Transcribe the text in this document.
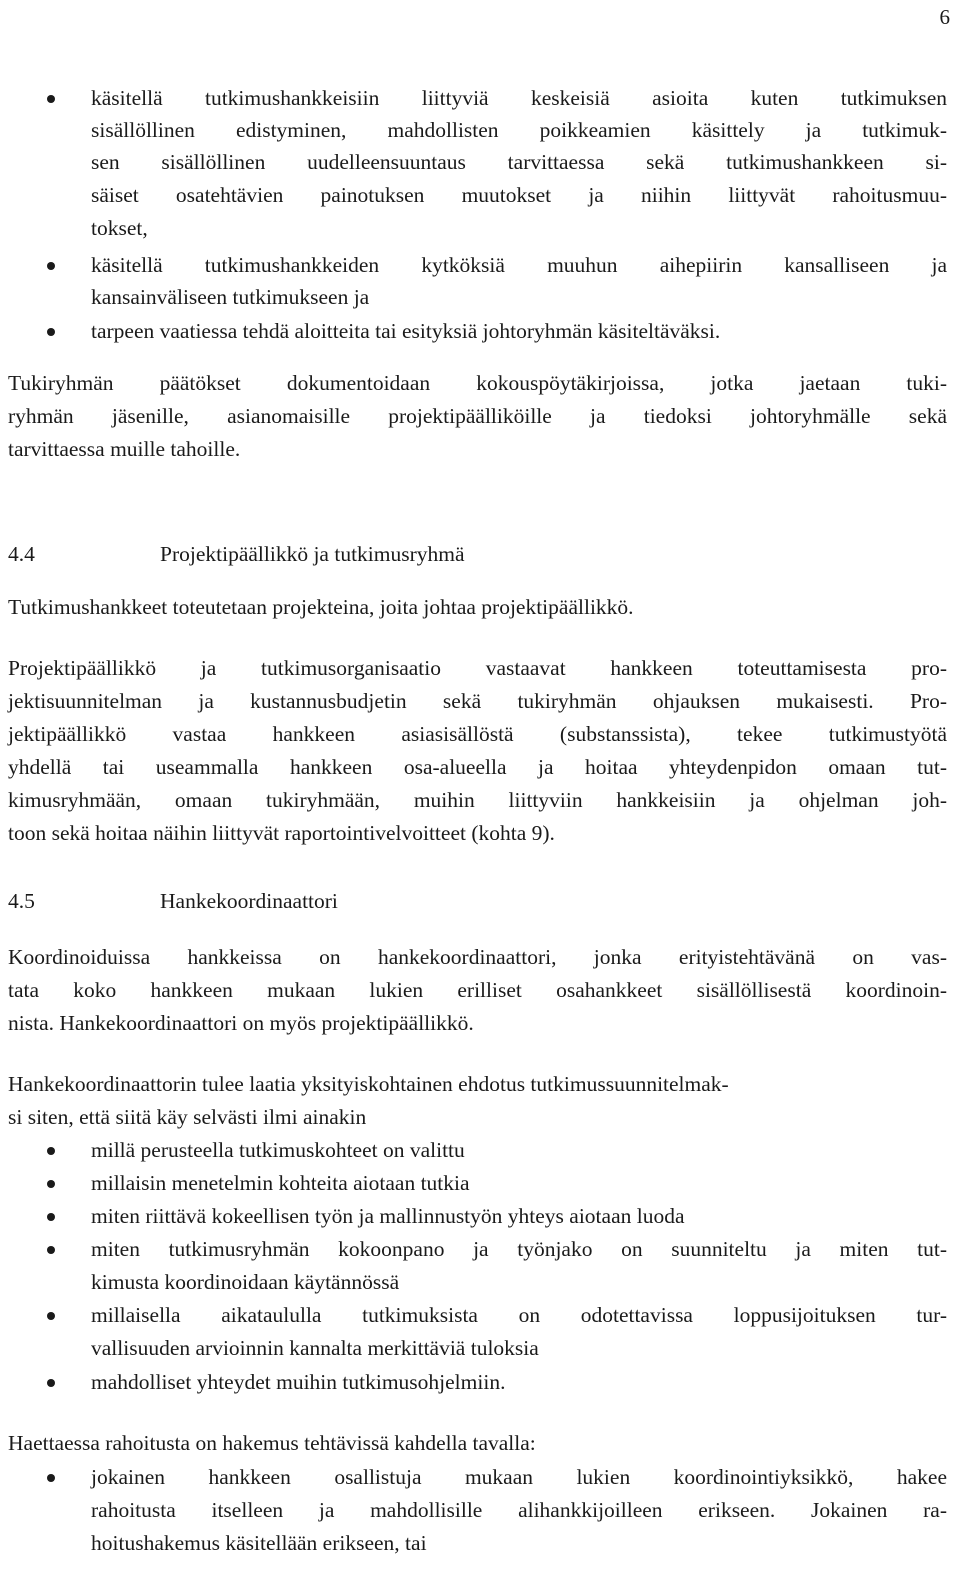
6
käsitellä tutkimushankkeisiin liittyviä keskeisiä asioita kuten tutkimuksen
sisällöllinen edistyminen, mahdollisten poikkeamien käsittely ja tutkimuk-
sen sisällöllinen uudelleensuuntaus tarvittaessa sekä tutkimushankkeen si-
säiset osatehtävien painotuksen muutokset ja niihin liittyvät rahoitusmuu-
tokset,
käsitellä tutkimushankkeiden kytköksiä muuhun aihepiirin kansalliseen ja
kansainväliseen tutkimukseen ja
tarpeen vaatiessa tehdä aloitteita tai esityksiä johtoryhmän käsiteltäväksi.
Tukiryhmän päätökset dokumentoidaan kokouspöytäkirjoissa, jotka jaetaan tuki-
ryhmän jäsenille, asianomaisille projektipäälliköille ja tiedoksi johtoryhmälle sekä
tarvittaessa muille tahoille.
Tutkimushankkeet toteutetaan projekteina, joita johtaa projektipäällikkö.
Projektipäällikkö ja tutkimusorganisaatio vastaavat hankkeen toteuttamisesta pro-
jektisuunnitelman ja kustannusbudjetin sekä tukiryhmän ohjauksen mukaisesti. Pro-
jektipäällikkö vastaa hankkeen asiasisällöstä (substanssista), tekee tutkimustyötä
yhdellä tai useammalla hankkeen osa-alueella ja hoitaa yhteydenpidon omaan tut-
kimusryhmään, omaan tukiryhmään, muihin liittyviin hankkeisiin ja ohjelman joh-
toon sekä hoitaa näihin liittyvät raportointivelvoitteet (kohta 9).
Koordinoiduissa hankkeissa on hankekoordinaattori, jonka erityistehtävänä on vas-
tata koko hankkeen mukaan lukien erilliset osahankkeet sisällöllisestä koordinoin-
nista. Hankekoordinaattori on myös projektipäällikkö.
Hankekoordinaattorin tulee laatia yksityiskohtainen ehdotus tutkimussuunnitelmak-
si siten, että siitä käy selvästi ilmi ainakin
millä perusteella tutkimuskohteet on valittu
millaisin menetelmin kohteita aiotaan tutkia
miten riittävä kokeellisen työn ja mallinnustyön yhteys aiotaan luoda
miten tutkimusryhmän kokoonpano ja työnjako on suunniteltu ja miten tut-
kimusta koordinoidaan käytännössä
millaisella aikataululla tutkimuksista on odotettavissa loppusijoituksen tur-
vallisuuden arvioinnin kannalta merkittäviä tuloksia
mahdolliset yhteydet muihin tutkimusohjelmiin.
Haettaessa rahoitusta on hakemus tehtävissä kahdella tavalla:
jokainen hankkeen osallistuja mukaan lukien koordinointiyksikkö, hakee
rahoitusta itselleen ja mahdollisille alihankkijoilleen erikseen. Jokainen ra-
hoitushakemus käsitellään erikseen, tai
4.4	Projektipäällikkö ja tutkimusryhmä
4.5	Hankekoordinaattori
